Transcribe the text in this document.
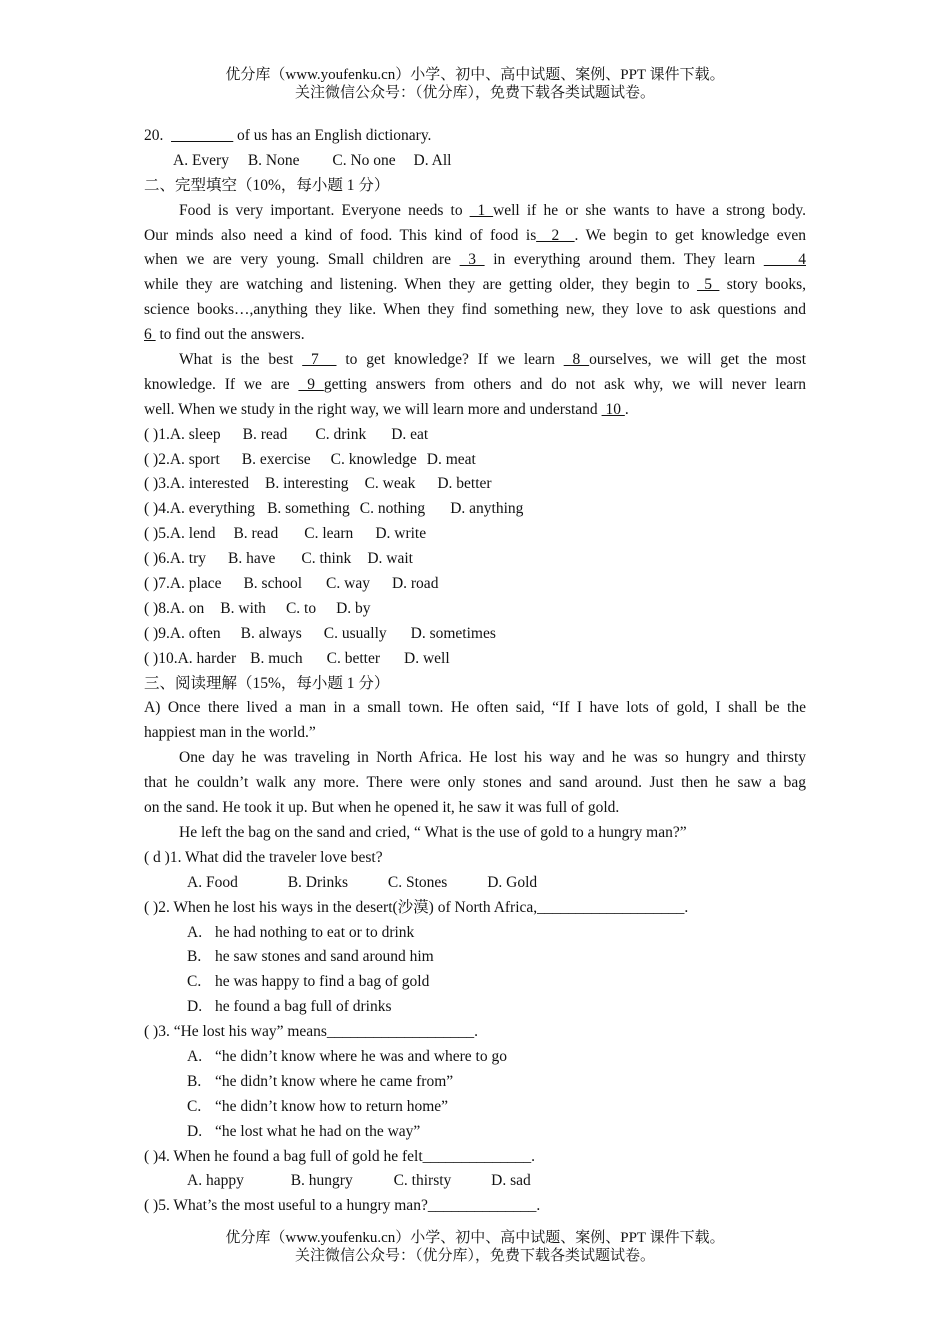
优分库（www.youfenku.cn）小学、初中、高中试题、案例、PPT 课件下载。
关注微信公众号：（优分库），免费下载各类试题试卷。
20. ________ of us has an English dictionary.
A. Every B. None C. No one D. All
二、完型填空（10%，每小题 1 分）
Food is very important. Everyone needs to _1_well if he or she wants to have a strong body.
Our minds also need a kind of food. This kind of food is_ 2 _. We begin to get knowledge even
when we are very young. Small children are  3  in everything around them. They learn     4
while they are watching and listening. When they are getting older, they begin to  5  story books,
science books…,anything they like. When they find something new, they love to ask questions and
6  to find out the answers.
What is the best  7   to get knowledge? If we learn  8 ourselves, we will get the most
knowledge. If we are  9 getting answers from others and do not ask why, we will never learn
well. When we study in the right way, we will learn more and understand  10 .
( )1.A. sleep B. read C. drink D. eat
( )2.A. sport B. exercise C. knowledge D. meat
( )3.A. interested B. interesting C. weak D. better
( )4.A. everything B. something C. nothing D. anything
( )5.A. lend B. read C. learn D. write
( )6.A. try B. have C. think D. wait
( )7.A. place B. school C. way D. road
( )8.A. on B. with C. to D. by
( )9.A. often B. always C. usually D. sometimes
( )10.A. harder B. much C. better D. well
三、阅读理解（15%，每小题 1 分）
A) Once there lived a man in a small town. He often said, “If I have lots of gold, I shall be the
happiest man in the world.”
One day he was traveling in North Africa. He lost his way and he was so hungry and thirsty
that he couldn’t walk any more. There were only stones and sand around. Just then he saw a bag
on the sand. He took it up. But when he opened it, he saw it was full of gold.
He left the bag on the sand and cried, “ What is the use of gold to a hungry man?”
( d )1. What did the traveler love best?
A. Food	B. Drinks	C. Stones	D. Gold
( )2. When he lost his ways in the desert(沙漠) of North Africa,___________________.
A. he had nothing to eat or to drink
B. he saw stones and sand around him
C. he was happy to find a bag of gold
D. he found a bag full of drinks
( )3. “He lost his way” means___________________.
A. “he didn’t know where he was and where to go
B. “he didn’t know where he came from”
C. “he didn’t know how to return home”
D. “he lost what he had on the way”
( )4. When he found a bag full of gold he felt______________.
A. happy	B. hungry	C. thirsty	D. sad
( )5. What’s the most useful to a hungry man?______________.
优分库（www.youfenku.cn）小学、初中、高中试题、案例、PPT 课件下载。
关注微信公众号：（优分库），免费下载各类试题试卷。
